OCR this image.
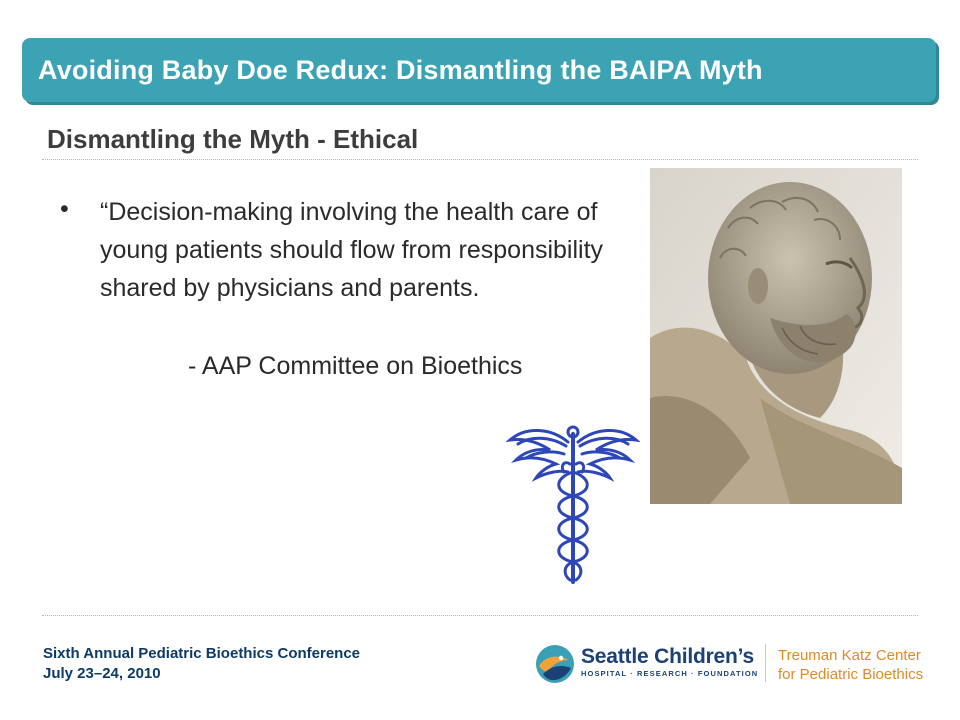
Avoiding Baby Doe Redux: Dismantling the BAIPA Myth
Dismantling the Myth - Ethical
• “Decision-making involving the health care of young patients should flow from responsibility shared by physicians and parents.
- AAP Committee on Bioethics
Sixth Annual Pediatric Bioethics Conference
July 23–24, 2010
Seattle Children’s
HOSPITAL · RESEARCH · FOUNDATION
Treuman Katz Center
for Pediatric Bioethics
